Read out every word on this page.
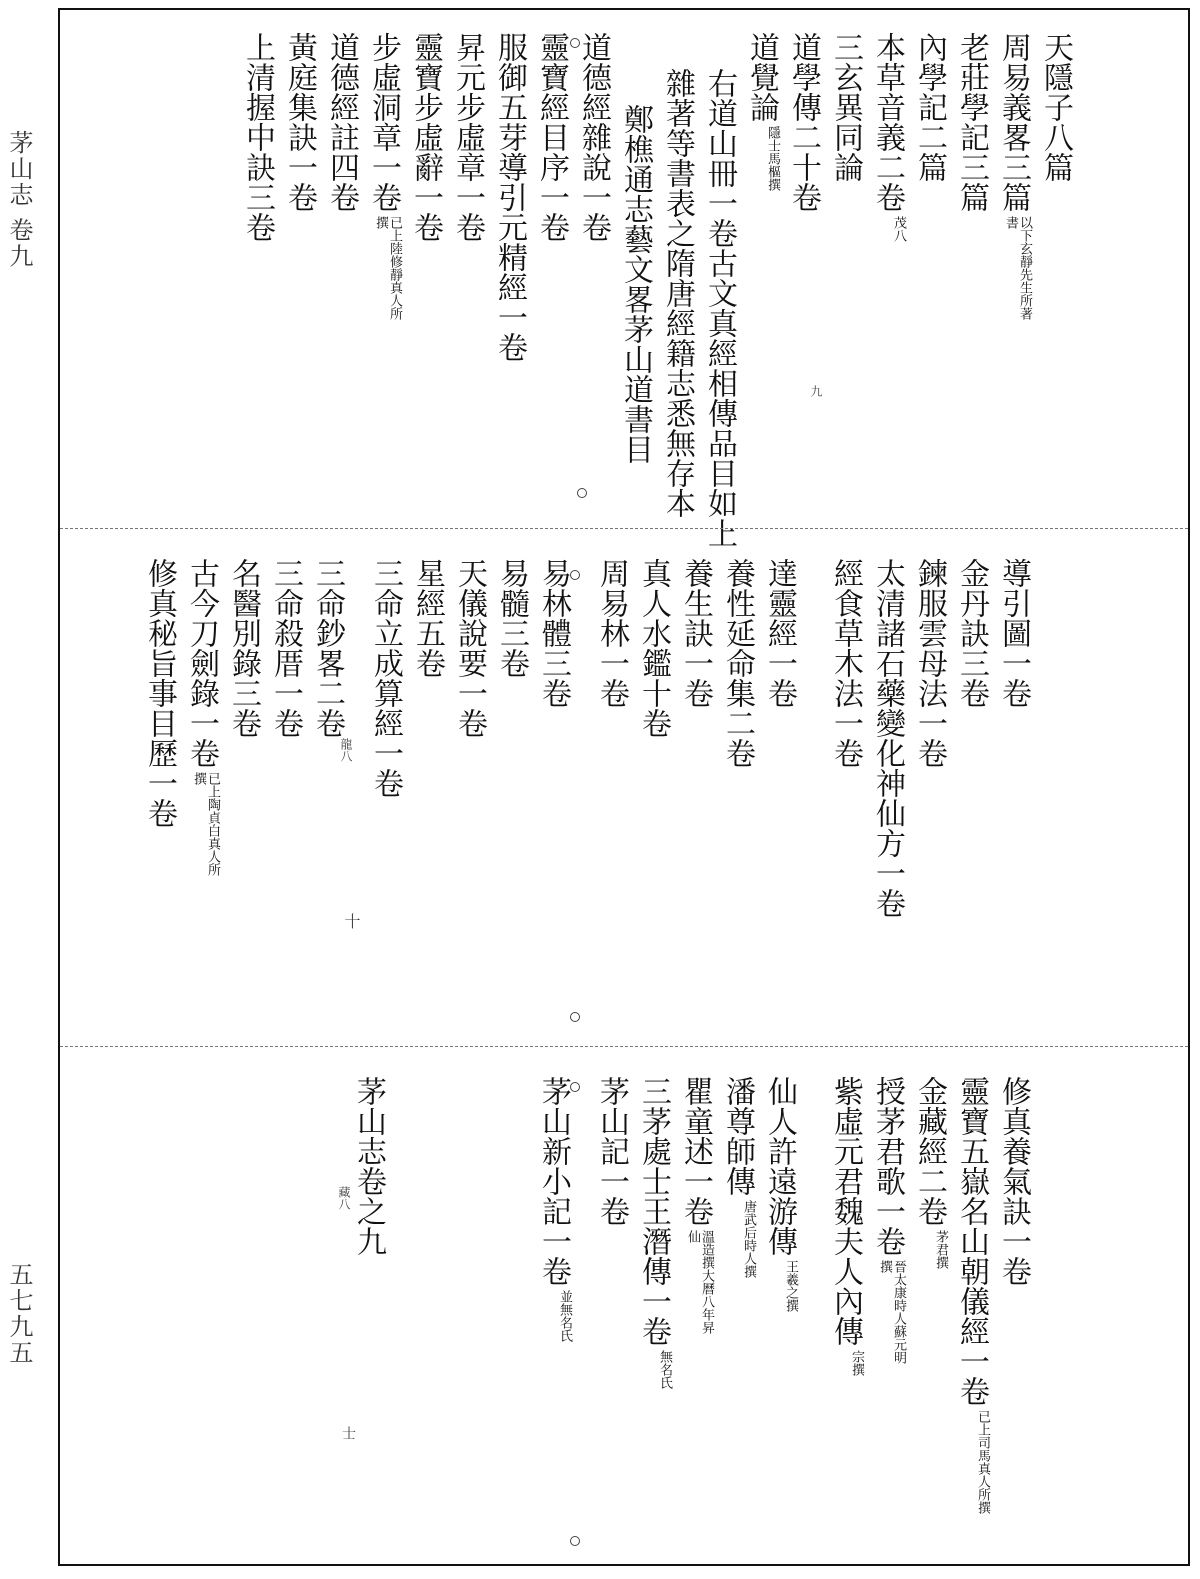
茅山志 卷九
五七九五
天隱子八篇
周易義畧三篇以下玄靜先生所著書
老莊學記三篇
內學記二篇
本草音義二卷茂八
三玄異同論
道學傳二十卷
道覺論隱士馬樞撰
右道山冊一卷古文真經相傳品目如上
雜著等書表之隋唐經籍志悉無存本
鄭樵通志藝文畧茅山道書目
道德經雜說一卷
靈寶經目序一卷
服御五芽導引元精經一卷
昇元步虛章一卷
靈寶步虛辭一卷
步虛洞章一卷已上陸修靜真人所撰
道德經註四卷
黃庭集訣一卷
上清握中訣三卷
九
導引圖一卷
金丹訣三卷
鍊服雲母法一卷
太清諸石藥變化神仙方一卷
經食草木法一卷
達靈經一卷
養性延命集二卷
養生訣一卷
真人水鑑十卷
周易林一卷
易林體三卷
易髓三卷
天儀說要一卷
星經五卷
三命立成算經一卷
三命鈔畧二卷
三命殺厝一卷
名醫別錄三卷
古今刀劍錄一卷已上陶貞白真人所撰
修真秘旨事目歷一卷	龍八
十
修真養氣訣一卷
靈寶五嶽名山朝儀經一卷已上司馬真人所撰
金藏經二卷茅君撰
授茅君歌一卷晉太康時人蘇元明撰
紫虛元君魏夫人內傳宗撰
仙人許遠游傳王羲之撰
潘尊師傳唐武后時人撰
瞿童述一卷溫造撰大曆八年昇仙
三茅處士王潛傳一卷無名氏
茅山記一卷
茅山新小記一卷並無名氏
茅山志卷之九
藏八
士
